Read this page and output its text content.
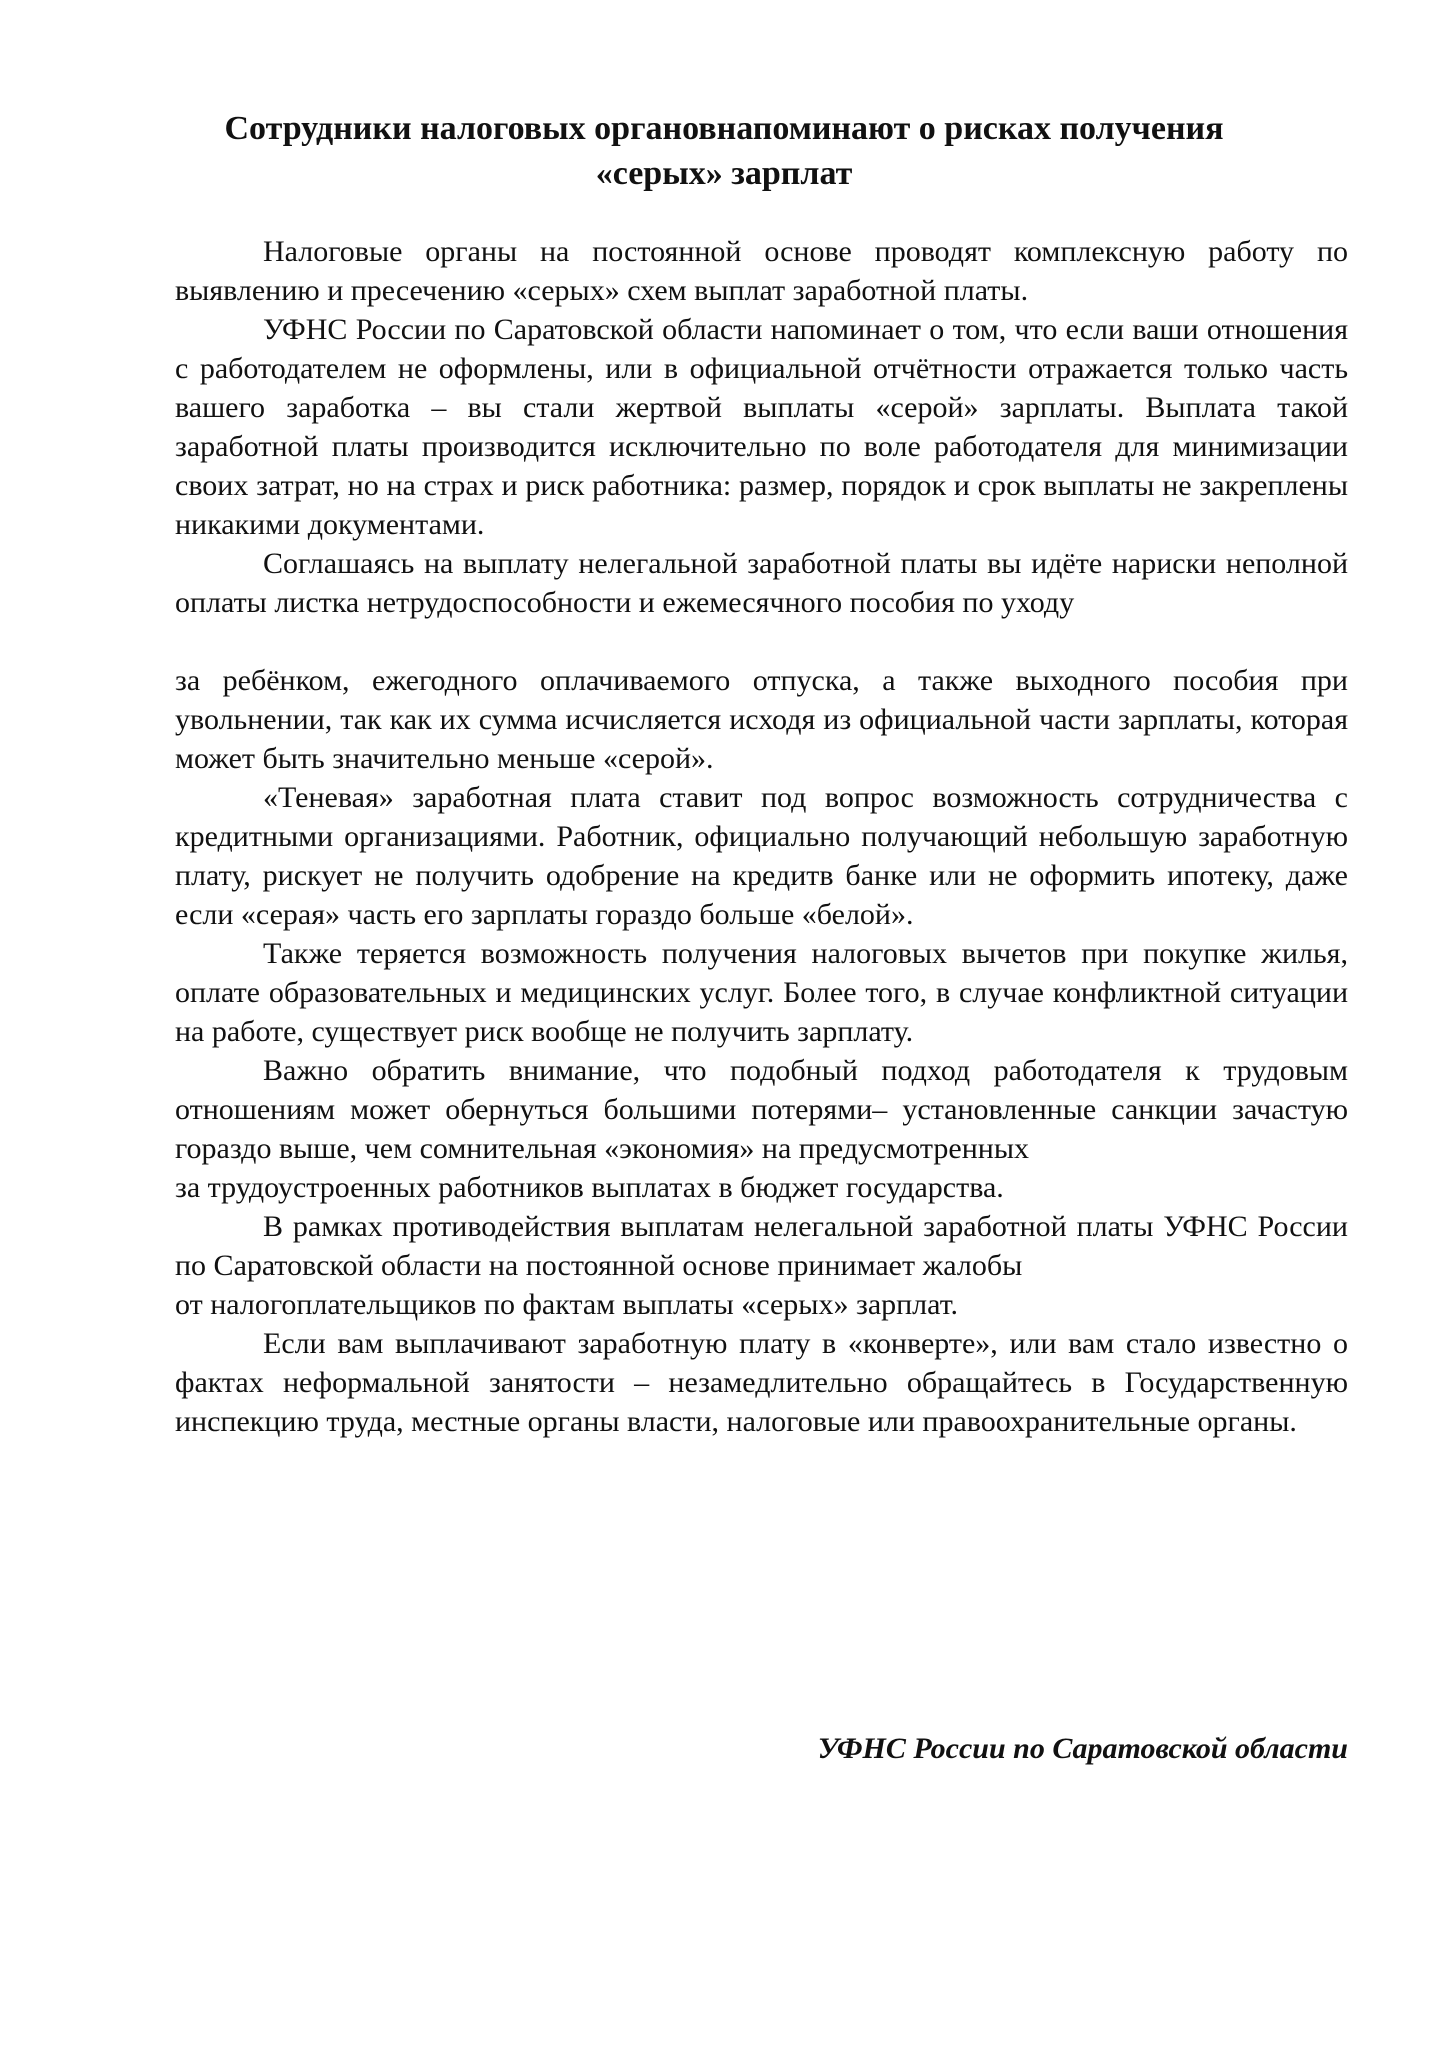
Сотрудники налоговых органовнапоминают о рисках получения
«серых» зарплат

Налоговые органы на постоянной основе проводят комплексную работу по выявлению и пресечению «серых» схем выплат заработной платы.

УФНС России по Саратовской области напоминает о том, что если ваши отношения с работодателем не оформлены, или в официальной отчётности отражается только часть вашего заработка – вы стали жертвой выплаты «серой» зарплаты. Выплата такой заработной платы производится исключительно по воле работодателя для минимизации своих затрат, но на страх и риск работника: размер, порядок и срок выплаты не закреплены никакими документами.

Соглашаясь на выплату нелегальной заработной платы вы идёте нариски неполной оплаты листка нетрудоспособности и ежемесячного пособия по уходу

за ребёнком, ежегодного оплачиваемого отпуска, а также выходного пособия при увольнении, так как их сумма исчисляется исходя из официальной части зарплаты, которая может быть значительно меньше «серой».

«Теневая» заработная плата ставит под вопрос возможность сотрудничества с кредитными организациями. Работник, официально получающий небольшую заработную плату, рискует не получить одобрение на кредитв банке или не оформить ипотеку, даже если «серая» часть его зарплаты гораздо больше «белой».

Также теряется возможность получения налоговых вычетов при покупке жилья, оплате образовательных и медицинских услуг. Более того, в случае конфликтной ситуации на работе, существует риск вообще не получить зарплату.

Важно обратить внимание, что подобный подход работодателя к трудовым отношениям может обернуться большими потерями– установленные санкции зачастую гораздо выше, чем сомнительная «экономия» на предусмотренных

за трудоустроенных работников выплатах в бюджет государства.

В рамках противодействия выплатам нелегальной заработной платы УФНС России по Саратовской области на постоянной основе принимает жалобы

от налогоплательщиков по фактам выплаты «серых» зарплат.

Если вам выплачивают заработную плату в «конверте», или вам стало известно о фактах неформальной занятости – незамедлительно обращайтесь в Государственную инспекцию труда, местные органы власти, налоговые или правоохранительные органы.

УФНС России по Саратовской области
